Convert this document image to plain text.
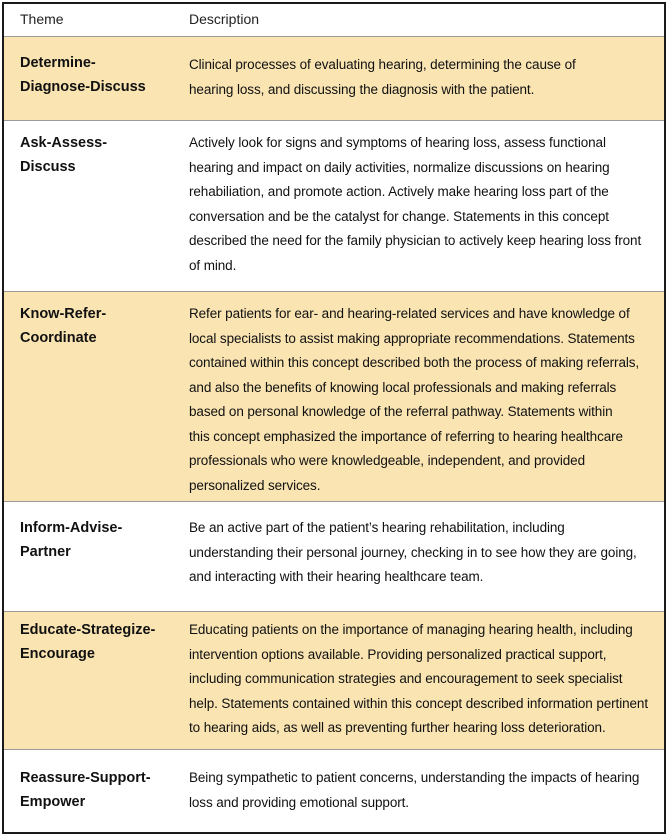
Theme	Description
Determine-
Diagnose-Discuss
Clinical processes of evaluating hearing, determining the cause of
hearing loss, and discussing the diagnosis with the patient.
Ask-Assess-
Discuss
Actively look for signs and symptoms of hearing loss, assess functional
hearing and impact on daily activities, normalize discussions on hearing
rehabiliation, and promote action. Actively make hearing loss part of the
conversation and be the catalyst for change. Statements in this concept
described the need for the family physician to actively keep hearing loss front
of mind.
Know-Refer-
Coordinate
Refer patients for ear- and hearing-related services and have knowledge of
local specialists to assist making appropriate recommendations. Statements
contained within this concept described both the process of making referrals,
and also the benefits of knowing local professionals and making referrals
based on personal knowledge of the referral pathway. Statements within
this concept emphasized the importance of referring to hearing healthcare
professionals who were knowledgeable, independent, and provided
personalized services.
Inform-Advise-
Partner
Be an active part of the patient’s hearing rehabilitation, including
understanding their personal journey, checking in to see how they are going,
and interacting with their hearing healthcare team.
Educate-Strategize-
Encourage
Educating patients on the importance of managing hearing health, including
intervention options available. Providing personalized practical support,
including communication strategies and encouragement to seek specialist
help. Statements contained within this concept described information pertinent
to hearing aids, as well as preventing further hearing loss deterioration.
Reassure-Support-
Empower
Being sympathetic to patient concerns, understanding the impacts of hearing
loss and providing emotional support.
